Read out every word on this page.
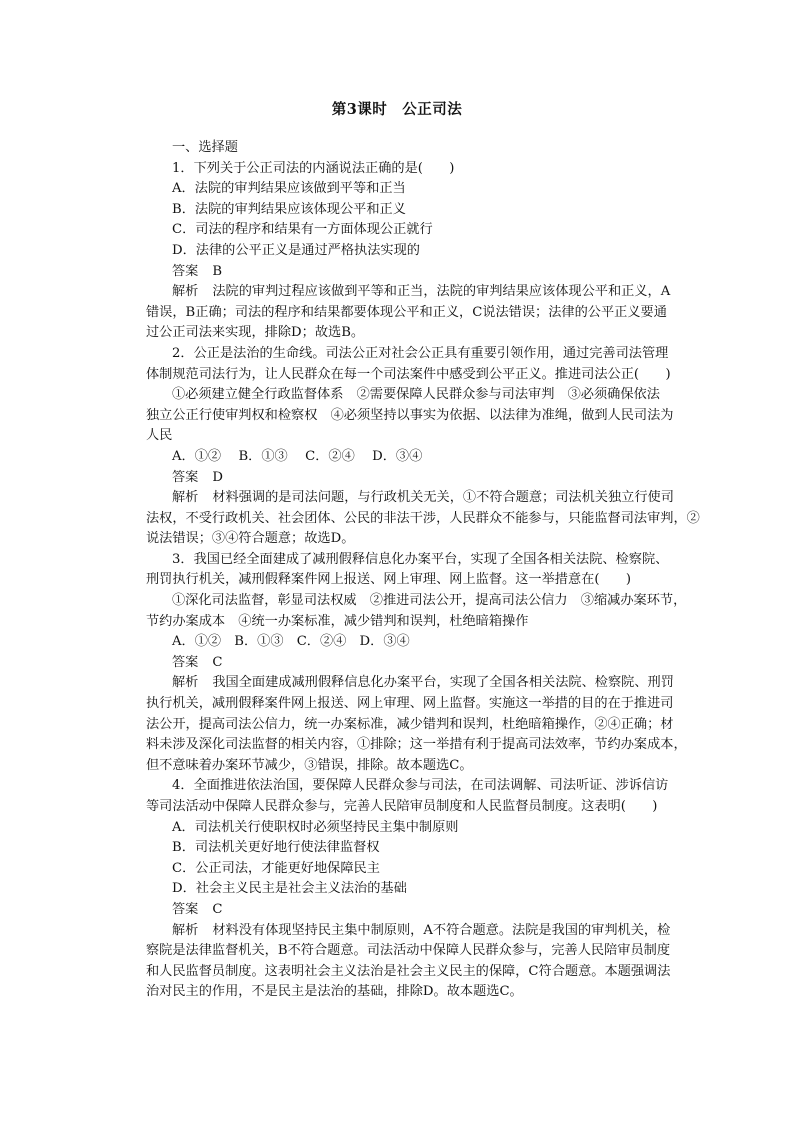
第3课时　公正司法
一、选择题
1．下列关于公正司法的内涵说法正确的是(　　)
A．法院的审判结果应该做到平等和正当
B．法院的审判结果应该体现公平和正义
C．司法的程序和结果有一方面体现公正就行
D．法律的公平正义是通过严格执法实现的
答案 B
解析 法院的审判过程应该做到平等和正当，法院的审判结果应该体现公平和正义，A
错误，B正确；司法的程序和结果都要体现公平和正义，C说法错误；法律的公平正义要通
过公正司法来实现，排除D；故选B。
2．公正是法治的生命线。司法公正对社会公正具有重要引领作用，通过完善司法管理
体制规范司法行为，让人民群众在每一个司法案件中感受到公平正义。推进司法公正(　　)
①必须建立健全行政监督体系　②需要保障人民群众参与司法审判　③必须确保依法
独立公正行使审判权和检察权　④必须坚持以事实为依据、以法律为准绳，做到人民司法为
人民
A．①②　 B．①③　 C．②④　 D．③④
答案 D
解析 材料强调的是司法问题，与行政机关无关，①不符合题意；司法机关独立行使司
法权，不受行政机关、社会团体、公民的非法干涉，人民群众不能参与，只能监督司法审判，②
说法错误；③④符合题意；故选D。
3．我国已经全面建成了减刑假释信息化办案平台，实现了全国各相关法院、检察院、
刑罚执行机关，减刑假释案件网上报送、网上审理、网上监督。这一举措意在(　　)
①深化司法监督，彰显司法权威　②推进司法公开，提高司法公信力　③缩减办案环节，
节约办案成本　④统一办案标准，减少错判和误判，杜绝暗箱操作
A．①②　B．①③　C．②④　D．③④
答案 C
解析 我国全面建成减刑假释信息化办案平台，实现了全国各相关法院、检察院、刑罚
执行机关，减刑假释案件网上报送、网上审理、网上监督。实施这一举措的目的在于推进司
法公开，提高司法公信力，统一办案标准，减少错判和误判，杜绝暗箱操作，②④正确；材
料未涉及深化司法监督的相关内容，①排除；这一举措有利于提高司法效率，节约办案成本，
但不意味着办案环节减少，③错误，排除。故本题选C。
4．全面推进依法治国，要保障人民群众参与司法，在司法调解、司法听证、涉诉信访
等司法活动中保障人民群众参与，完善人民陪审员制度和人民监督员制度。这表明(　　)
A．司法机关行使职权时必须坚持民主集中制原则
B．司法机关更好地行使法律监督权
C．公正司法，才能更好地保障民主
D．社会主义民主是社会主义法治的基础
答案 C
解析 材料没有体现坚持民主集中制原则，A不符合题意。法院是我国的审判机关，检
察院是法律监督机关，B不符合题意。司法活动中保障人民群众参与，完善人民陪审员制度
和人民监督员制度。这表明社会主义法治是社会主义民主的保障，C符合题意。本题强调法
治对民主的作用，不是民主是法治的基础，排除D。故本题选C。
